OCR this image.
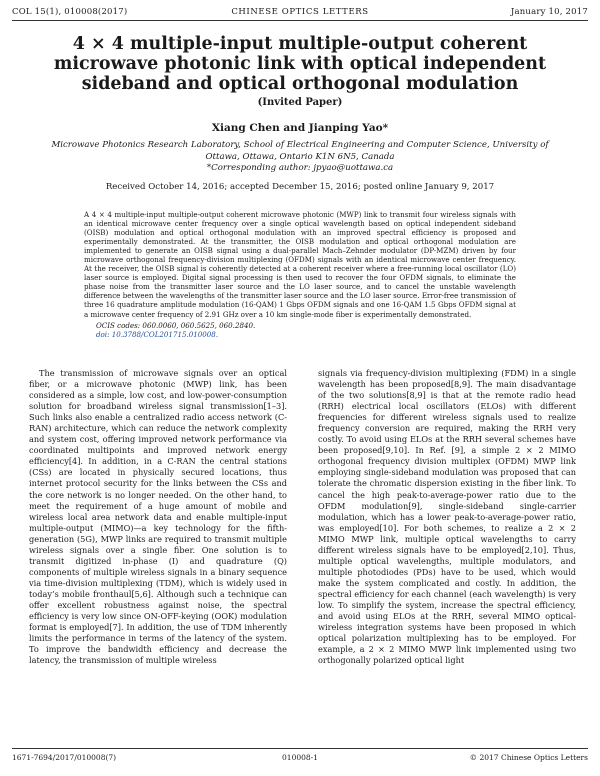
COL 15(1), 010008(2017)	CHINESE OPTICS LETTERS	January 10, 2017
4 × 4 multiple-input multiple-output coherent microwave photonic link with optical independent sideband and optical orthogonal modulation
(Invited Paper)
Xiang Chen and Jianping Yao*
Microwave Photonics Research Laboratory, School of Electrical Engineering and Computer Science, University of Ottawa, Ottawa, Ontario K1N 6N5, Canada
*Corresponding author: jpyao@uottawa.ca
Received October 14, 2016; accepted December 15, 2016; posted online January 9, 2017
A 4 × 4 multiple-input multiple-output coherent microwave photonic (MWP) link to transmit four wireless signals with an identical microwave center frequency over a single optical wavelength based on optical independent sideband (OISB) modulation and optical orthogonal modulation with an improved spectral efficiency is proposed and experimentally demonstrated. At the transmitter, the OISB modulation and optical orthogonal modulation are implemented to generate an OISB signal using a dual-parallel Mach–Zehnder modulator (DP-MZM) driven by four microwave orthogonal frequency-division multiplexing (OFDM) signals with an identical microwave center frequency. At the receiver, the OISB signal is coherently detected at a coherent receiver where a free-running local oscillator (LO) laser source is employed. Digital signal processing is then used to recover the four OFDM signals, to eliminate the phase noise from the transmitter laser source and the LO laser source, and to cancel the unstable wavelength difference between the wavelengths of the transmitter laser source and the LO laser source. Error-free transmission of three 16 quadrature amplitude modulation (16-QAM) 1 Gbps OFDM signals and one 16-QAM 1.5 Gbps OFDM signal at a microwave center frequency of 2.91 GHz over a 10 km single-mode fiber is experimentally demonstrated.
OCIS codes: 060.0060, 060.5625, 060.2840.
doi: 10.3788/COL201715.010008.

The transmission of microwave signals over an optical fiber, or a microwave photonic (MWP) link, has been considered as a simple, low cost, and low-power-consumption solution for broadband wireless signal transmission[1–3]. Such links also enable a centralized radio access network (C-RAN) architecture, which can reduce the network complexity and system cost, offering improved network performance via coordinated multipoints and improved network energy efficiency[4]. In addition, in a C-RAN the central stations (CSs) are located in physically secured locations, thus internet protocol security for the links between the CSs and the core network is no longer needed. On the other hand, to meet the requirement of a huge amount of mobile and wireless local area network data and enable multiple-input multiple-output (MIMO)—a key technology for the fifth-generation (5G), MWP links are required to transmit multiple wireless signals over a single fiber. One solution is to transmit digitized in-phase (I) and quadrature (Q) components of multiple wireless signals in a binary sequence via time-division multiplexing (TDM), which is widely used in today’s mobile fronthaul[5,6]. Although such a technique can offer excellent robustness against noise, the spectral efficiency is very low since ON-OFF-keying (OOK) modulation format is employed[7]. In addition, the use of TDM inherently limits the performance in terms of the latency of the system. To improve the bandwidth efficiency and decrease the latency, the transmission of multiple wireless

signals via frequency-division multiplexing (FDM) in a single wavelength has been proposed[8,9]. The main disadvantage of the two solutions[8,9] is that at the remote radio head (RRH) electrical local oscillators (ELOs) with different frequencies for different wireless signals used to realize frequency conversion are required, making the RRH very costly. To avoid using ELOs at the RRH several schemes have been proposed[9,10]. In Ref. [9], a simple 2 × 2 MIMO orthogonal frequency division multiplex (OFDM) MWP link employing single-sideband modulation was proposed that can tolerate the chromatic dispersion existing in the fiber link. To cancel the high peak-to-average-power ratio due to the OFDM modulation[9], single-sideband single-carrier modulation, which has a lower peak-to-average-power ratio, was employed[10]. For both schemes, to realize a 2 × 2 MIMO MWP link, multiple optical wavelengths to carry different wireless signals have to be employed[2,10]. Thus, multiple optical wavelengths, multiple modulators, and multiple photodiodes (PDs) have to be used, which would make the system complicated and costly. In addition, the spectral efficiency for each channel (each wavelength) is very low. To simplify the system, increase the spectral efficiency, and avoid using ELOs at the RRH, several MIMO optical-wireless integration systems have been proposed in which optical polarization multiplexing has to be employed. For example, a 2 × 2 MIMO MWP link implemented using two orthogonally polarized optical light

1671-7694/2017/010008(7)	010008-1	© 2017 Chinese Optics Letters
